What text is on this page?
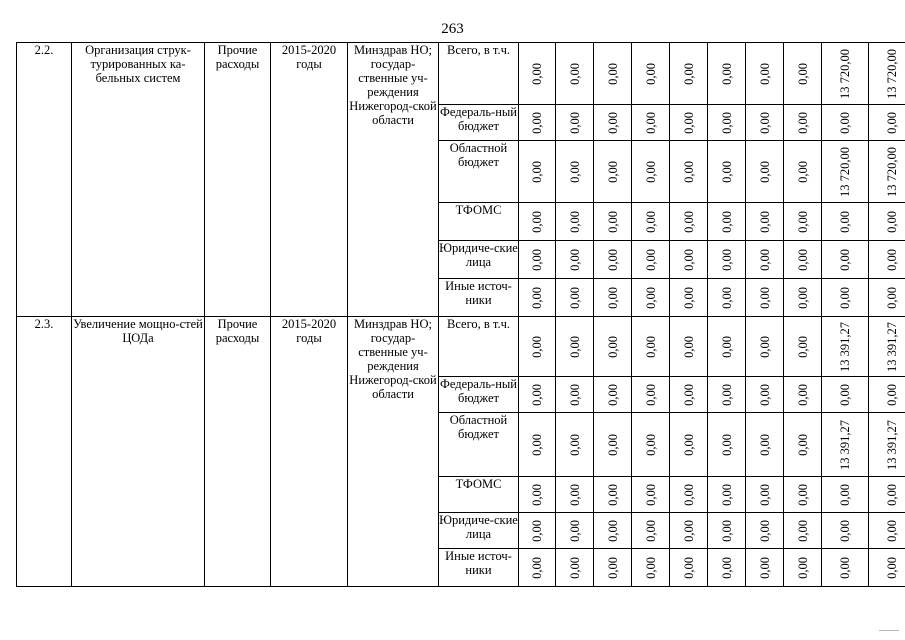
263
2.2.	Организация струк-турированных ка-бельных систем	Прочие расходы	2015-2020 годы	Минздрав НО; государ-ственные уч-реждения Нижегород-ской области	Всего, в т.ч.	0,00	0,00	0,00	0,00	0,00	0,00	0,00	0,00	13 720,00	13 720,00

					Федераль-ный бюджет	0,00	0,00	0,00	0,00	0,00	0,00	0,00	0,00	0,00	0,00

					Областной бюджет	0,00	0,00	0,00	0,00	0,00	0,00	0,00	0,00	13 720,00	13 720,00

					ТФОМС	0,00	0,00	0,00	0,00	0,00	0,00	0,00	0,00	0,00	0,00

					Юридиче-ские лица	0,00	0,00	0,00	0,00	0,00	0,00	0,00	0,00	0,00	0,00

					Иные источ-ники	0,00	0,00	0,00	0,00	0,00	0,00	0,00	0,00	0,00	0,00

2.3.	Увеличение мощно-стей ЦОДа	Прочие расходы	2015-2020 годы	Минздрав НО; государ-ственные уч-реждения Нижегород-ской области	Всего, в т.ч.	0,00	0,00	0,00	0,00	0,00	0,00	0,00	0,00	13 391,27	13 391,27

					Федераль-ный бюджет	0,00	0,00	0,00	0,00	0,00	0,00	0,00	0,00	0,00	0,00

					Областной бюджет	0,00	0,00	0,00	0,00	0,00	0,00	0,00	0,00	13 391,27	13 391,27

					ТФОМС	0,00	0,00	0,00	0,00	0,00	0,00	0,00	0,00	0,00	0,00

					Юридиче-ские лица	0,00	0,00	0,00	0,00	0,00	0,00	0,00	0,00	0,00	0,00

					Иные источ-ники	0,00	0,00	0,00	0,00	0,00	0,00	0,00	0,00	0,00	0,00
